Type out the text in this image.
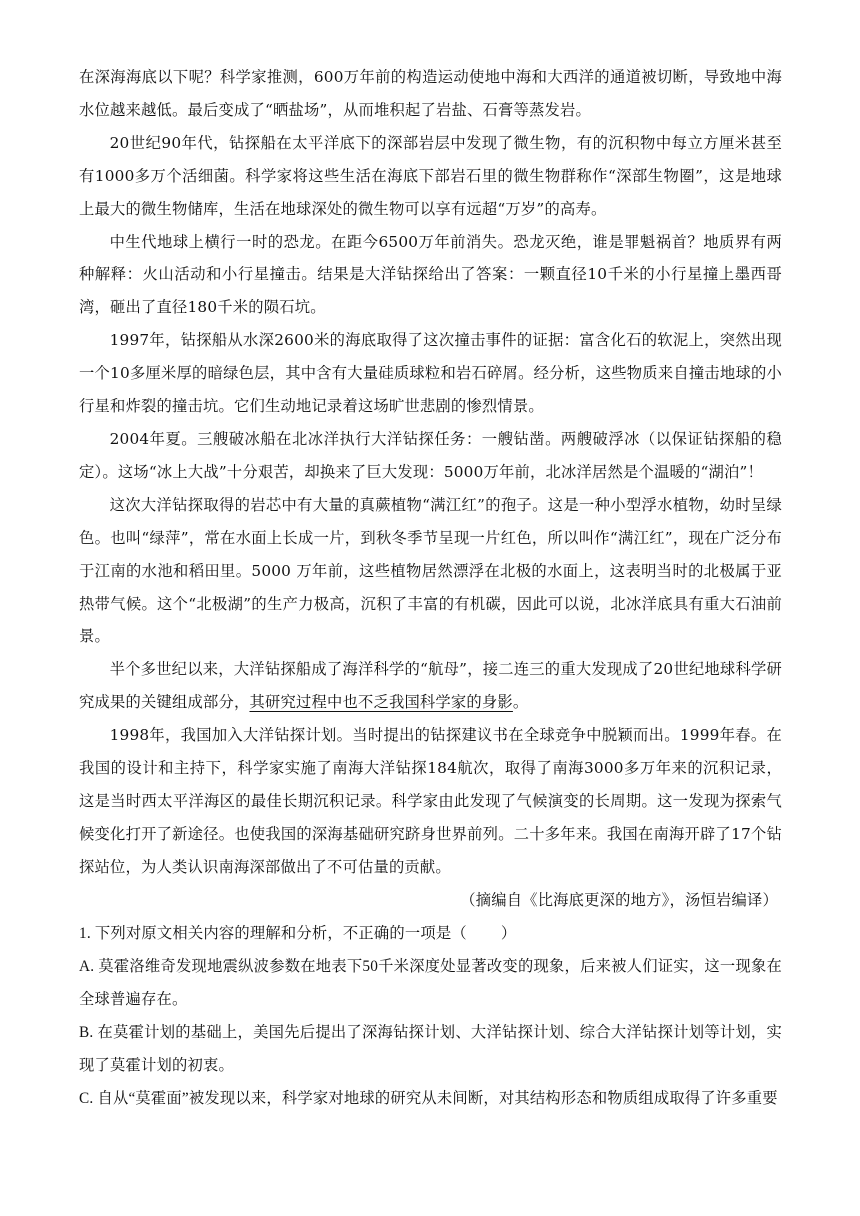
在深海海底以下呢？科学家推测，600万年前的构造运动使地中海和大西洋的通道被切断，导致地中海水位越来越低。最后变成了“晒盐场”，从而堆积起了岩盐、石膏等蒸发岩。

20世纪90年代，钻探船在太平洋底下的深部岩层中发现了微生物，有的沉积物中每立方厘米甚至有1000多万个活细菌。科学家将这些生活在海底下部岩石里的微生物群称作“深部生物圈”，这是地球上最大的微生物储库，生活在地球深处的微生物可以享有远超“万岁”的高寿。

中生代地球上横行一时的恐龙。在距今6500万年前消失。恐龙灭绝，谁是罪魁祸首？地质界有两种解释：火山活动和小行星撞击。结果是大洋钻探给出了答案：一颗直径10千米的小行星撞上墨西哥湾，砸出了直径180千米的陨石坑。

1997年，钻探船从水深2600米的海底取得了这次撞击事件的证据：富含化石的软泥上，突然出现一个10多厘米厚的暗绿色层，其中含有大量硅质球粒和岩石碎屑。经分析，这些物质来自撞击地球的小行星和炸裂的撞击坑。它们生动地记录着这场旷世悲剧的惨烈情景。

2004年夏。三艘破冰船在北冰洋执行大洋钻探任务：一艘钻凿。两艘破浮冰（以保证钻探船的稳定）。这场“冰上大战”十分艰苦，却换来了巨大发现：5000万年前，北冰洋居然是个温暖的“湖泊”！

这次大洋钻探取得的岩芯中有大量的真蕨植物“满江红”的孢子。这是一种小型浮水植物，幼时呈绿色。也叫“绿萍”，常在水面上长成一片，到秋冬季节呈现一片红色，所以叫作“满江红”，现在广泛分布于江南的水池和稻田里。5000 万年前，这些植物居然漂浮在北极的水面上，这表明当时的北极属于亚热带气候。这个“北极湖”的生产力极高，沉积了丰富的有机碳，因此可以说，北冰洋底具有重大石油前景。

半个多世纪以来，大洋钻探船成了海洋科学的“航母”，接二连三的重大发现成了20世纪地球科学研究成果的关键组成部分，其研究过程中也不乏我国科学家的身影。

1998年，我国加入大洋钻探计划。当时提出的钻探建议书在全球竞争中脱颖而出。1999年春。在我国的设计和主持下，科学家实施了南海大洋钻探184航次，取得了南海3000多万年来的沉积记录，这是当时西太平洋海区的最佳长期沉积记录。科学家由此发现了气候演变的长周期。这一发现为探索气候变化打开了新途径。也使我国的深海基础研究跻身世界前列。二十多年来。我国在南海开辟了17个钻探站位，为人类认识南海深部做出了不可估量的贡献。

（摘编自《比海底更深的地方》，汤恒岩编译）

1. 下列对原文相关内容的理解和分析，不正确的一项是（ ）

A. 莫霍洛维奇发现地震纵波参数在地表下50千米深度处显著改变的现象，后来被人们证实，这一现象在全球普遍存在。

B. 在莫霍计划的基础上，美国先后提出了深海钻探计划、大洋钻探计划、综合大洋钻探计划等计划，实现了莫霍计划的初衷。

C. 自从“莫霍面”被发现以来，科学家对地球的研究从未间断，对其结构形态和物质组成取得了许多重要
